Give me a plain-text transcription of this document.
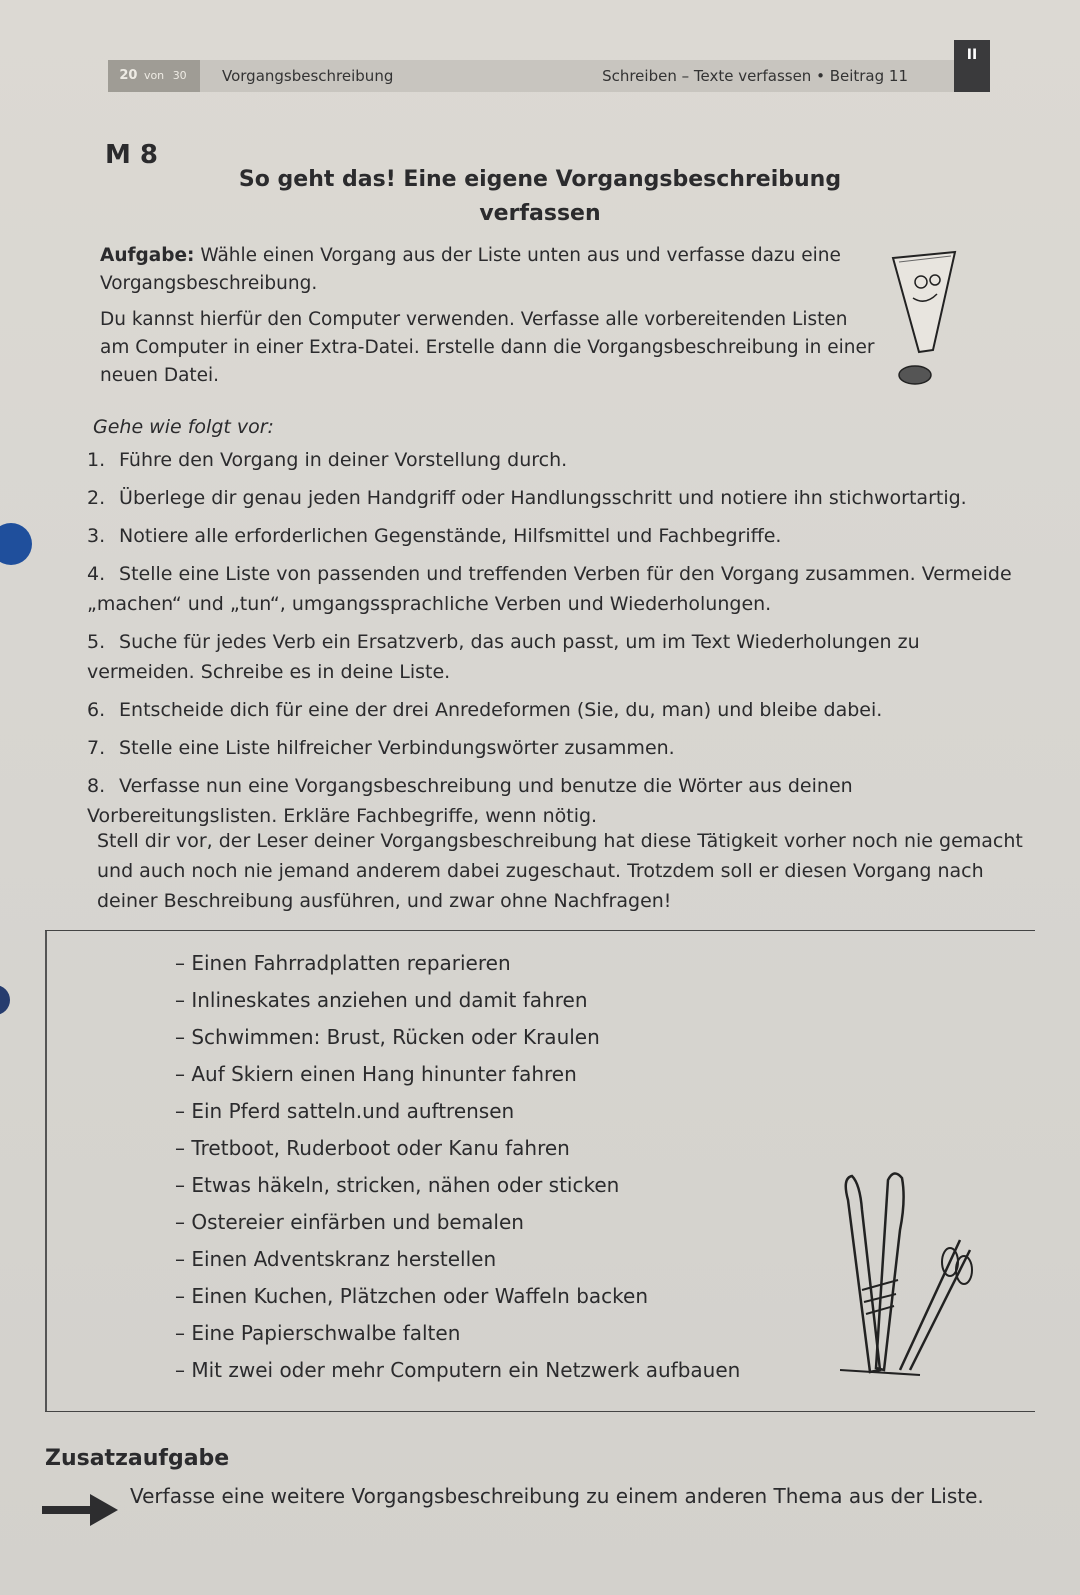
20 von 30	Vorgangsbeschreibung	Schreiben – Texte verfassen • Beitrag 11
II
M 8
So geht das! Eine eigene Vorgangsbeschreibung
verfassen

Aufgabe: Wähle einen Vorgang aus der Liste unten aus und verfasse dazu eine Vorgangsbeschreibung.

Du kannst hierfür den Computer verwenden. Verfasse alle vorbereitenden Listen am Computer in einer Extra-Datei. Erstelle dann die Vorgangsbeschreibung in einer neuen Datei.

Gehe wie folgt vor:
1. Führe den Vorgang in deiner Vorstellung durch.
2. Überlege dir genau jeden Handgriff oder Handlungsschritt und notiere ihn stichwortartig.
3. Notiere alle erforderlichen Gegenstände, Hilfsmittel und Fachbegriffe.
4. Stelle eine Liste von passenden und treffenden Verben für den Vorgang zusammen. Vermeide „machen“ und „tun“, umgangssprachliche Verben und Wiederholungen.
5. Suche für jedes Verb ein Ersatzverb, das auch passt, um im Text Wiederholungen zu vermeiden. Schreibe es in deine Liste.
6. Entscheide dich für eine der drei Anredeformen (Sie, du, man) und bleibe dabei.
7. Stelle eine Liste hilfreicher Verbindungswörter zusammen.
8. Verfasse nun eine Vorgangsbeschreibung und benutze die Wörter aus deinen Vorbereitungslisten. Erkläre Fachbegriffe, wenn nötig.
Stell dir vor, der Leser deiner Vorgangsbeschreibung hat diese Tätigkeit vorher noch nie gemacht und auch noch nie jemand anderem dabei zugeschaut. Trotzdem soll er diesen Vorgang nach deiner Beschreibung ausführen, und zwar ohne Nachfragen!
– Einen Fahrradplatten reparieren
– Inlineskates anziehen und damit fahren
– Schwimmen: Brust, Rücken oder Kraulen
– Auf Skiern einen Hang hinunter fahren
– Ein Pferd satteln.und auftrensen
– Tretboot, Ruderboot oder Kanu fahren
– Etwas häkeln, stricken, nähen oder sticken
– Ostereier einfärben und bemalen
– Einen Adventskranz herstellen
– Einen Kuchen, Plätzchen oder Waffeln backen
– Eine Papierschwalbe falten
– Mit zwei oder mehr Computern ein Netzwerk aufbauen
Zusatzaufgabe
Verfasse eine weitere Vorgangsbeschreibung zu einem anderen Thema aus der Liste.
